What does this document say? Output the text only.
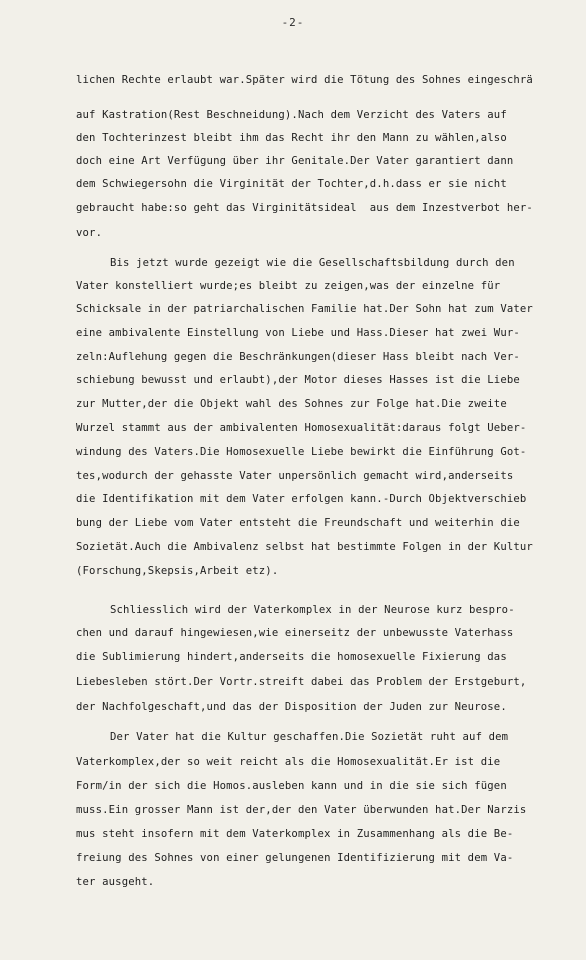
-2-
lichen Rechte erlaubt war.Später wird die Tötung des Sohnes eingeschrä
auf Kastration(Rest Beschneidung).Nach dem Verzicht des Vaters auf
den Tochterinzest bleibt ihm das Recht ihr den Mann zu wählen,also
doch eine Art Verfügung über ihr Genitale.Der Vater garantiert dann
dem Schwiegersohn die Virginität der Tochter,d.h.dass er sie nicht
gebraucht habe:so geht das Virginitätsideal  aus dem Inzestverbot her-
vor.
Bis jetzt wurde gezeigt wie die Gesellschaftsbildung durch den
Vater konstelliert wurde;es bleibt zu zeigen,was der einzelne für
Schicksale in der patriarchalischen Familie hat.Der Sohn hat zum Vater
eine ambivalente Einstellung von Liebe und Hass.Dieser hat zwei Wur-
zeln:Auflehung gegen die Beschränkungen(dieser Hass bleibt nach Ver-
schiebung bewusst und erlaubt),der Motor dieses Hasses ist die Liebe
zur Mutter,der die Objekt wahl des Sohnes zur Folge hat.Die zweite
Wurzel stammt aus der ambivalenten Homosexualität:daraus folgt Ueber-
windung des Vaters.Die Homosexuelle Liebe bewirkt die Einführung Got-
tes,wodurch der gehasste Vater unpersönlich gemacht wird,anderseits
die Identifikation mit dem Vater erfolgen kann.-Durch Objektverschieb
bung der Liebe vom Vater entsteht die Freundschaft und weiterhin die
Sozietät.Auch die Ambivalenz selbst hat bestimmte Folgen in der Kultur
(Forschung,Skepsis,Arbeit etz).
Schliesslich wird der Vaterkomplex in der Neurose kurz bespro-
chen und darauf hingewiesen,wie einerseitz der unbewusste Vaterhass
die Sublimierung hindert,anderseits die homosexuelle Fixierung das
Liebesleben stört.Der Vortr.streift dabei das Problem der Erstgeburt,
der Nachfolgeschaft,und das der Disposition der Juden zur Neurose.
Der Vater hat die Kultur geschaffen.Die Sozietät ruht auf dem
Vaterkomplex,der so weit reicht als die Homosexualität.Er ist die
Form/in der sich die Homos.ausleben kann und in die sie sich fügen
muss.Ein grosser Mann ist der,der den Vater überwunden hat.Der Narzis
mus steht insofern mit dem Vaterkomplex in Zusammenhang als die Be-
freiung des Sohnes von einer gelungenen Identifizierung mit dem Va-
ter ausgeht.
